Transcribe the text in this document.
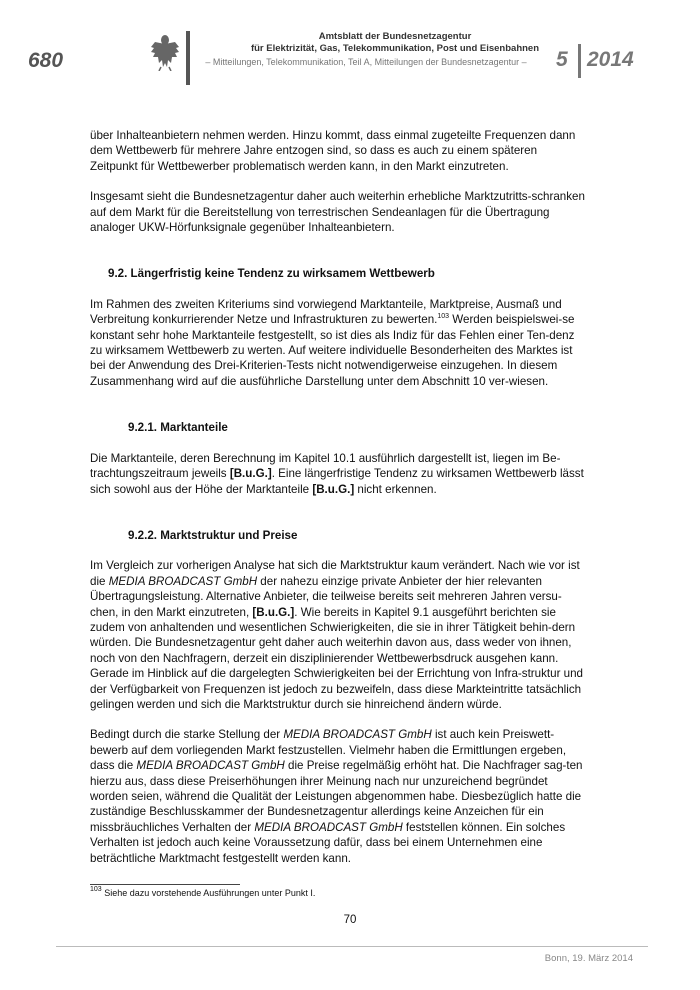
680
Amtsblatt der Bundesnetzagentur
für Elektrizität, Gas, Telekommunikation, Post und Eisenbahnen
– Mitteilungen, Telekommunikation, Teil A, Mitteilungen der Bundesnetzagentur –	5 2014

über Inhalteanbietern nehmen werden. Hinzu kommt, dass einmal zugeteilte Frequenzen dann dem Wettbewerb für mehrere Jahre entzogen sind, so dass es auch zu einem späteren Zeitpunkt für Wettbewerber problematisch werden kann, in den Markt einzutreten.

Insgesamt sieht die Bundesnetzagentur daher auch weiterhin erhebliche Marktzutritts-schranken auf dem Markt für die Bereitstellung von terrestrischen Sendeanlagen für die Übertragung analoger UKW-Hörfunksignale gegenüber Inhalteanbietern.

9.2. Längerfristig keine Tendenz zu wirksamem Wettbewerb

Im Rahmen des zweiten Kriteriums sind vorwiegend Marktanteile, Marktpreise, Ausmaß und Verbreitung konkurrierender Netze und Infrastrukturen zu bewerten.$^{103}$ Werden beispielswei-se konstant sehr hohe Marktanteile festgestellt, so ist dies als Indiz für das Fehlen einer Ten-denz zu wirksamem Wettbewerb zu werten. Auf weitere individuelle Besonderheiten des Marktes ist bei der Anwendung des Drei-Kriterien-Tests nicht notwendigerweise einzugehen. In diesem Zusammenhang wird auf die ausführliche Darstellung unter dem Abschnitt 10 ver-wiesen.

9.2.1. Marktanteile

Die Marktanteile, deren Berechnung im Kapitel 10.1 ausführlich dargestellt ist, liegen im Be-trachtungszeitraum jeweils [B.u.G.]. Eine längerfristige Tendenz zu wirksamen Wettbewerb lässt sich sowohl aus der Höhe der Marktanteile [B.u.G.] nicht erkennen.

9.2.2. Marktstruktur und Preise

Im Vergleich zur vorherigen Analyse hat sich die Marktstruktur kaum verändert. Nach wie vor ist die MEDIA BROADCAST GmbH der nahezu einzige private Anbieter der hier relevanten Übertragungsleistung. Alternative Anbieter, die teilweise bereits seit mehreren Jahren versu-chen, in den Markt einzutreten, [B.u.G.]. Wie bereits in Kapitel 9.1 ausgeführt berichten sie zudem von anhaltenden und wesentlichen Schwierigkeiten, die sie in ihrer Tätigkeit behin-dern würden. Die Bundesnetzagentur geht daher auch weiterhin davon aus, dass weder von ihnen, noch von den Nachfragern, derzeit ein disziplinierender Wettbewerbsdruck ausgehen kann. Gerade im Hinblick auf die dargelegten Schwierigkeiten bei der Errichtung von Infra-struktur und der Verfügbarkeit von Frequenzen ist jedoch zu bezweifeln, dass diese Markteintritte tatsächlich gelingen werden und sich die Marktstruktur durch sie hinreichend ändern würde.

Bedingt durch die starke Stellung der MEDIA BROADCAST GmbH ist auch kein Preiswett-bewerb auf dem vorliegenden Markt festzustellen. Vielmehr haben die Ermittlungen ergeben, dass die MEDIA BROADCAST GmbH die Preise regelmäßig erhöht hat. Die Nachfrager sag-ten hierzu aus, dass diese Preiserhöhungen ihrer Meinung nach nur unzureichend begründet worden seien, während die Qualität der Leistungen abgenommen habe. Diesbezüglich hatte die zuständige Beschlusskammer der Bundesnetzagentur allerdings keine Anzeichen für ein missbräuchliches Verhalten der MEDIA BROADCAST GmbH feststellen können. Ein solches Verhalten ist jedoch auch keine Voraussetzung dafür, dass bei einem Unternehmen eine beträchtliche Marktmacht festgestellt werden kann.

$^{103}$ Siehe dazu vorstehende Ausführungen unter Punkt I.
70
Bonn, 19. März 2014
